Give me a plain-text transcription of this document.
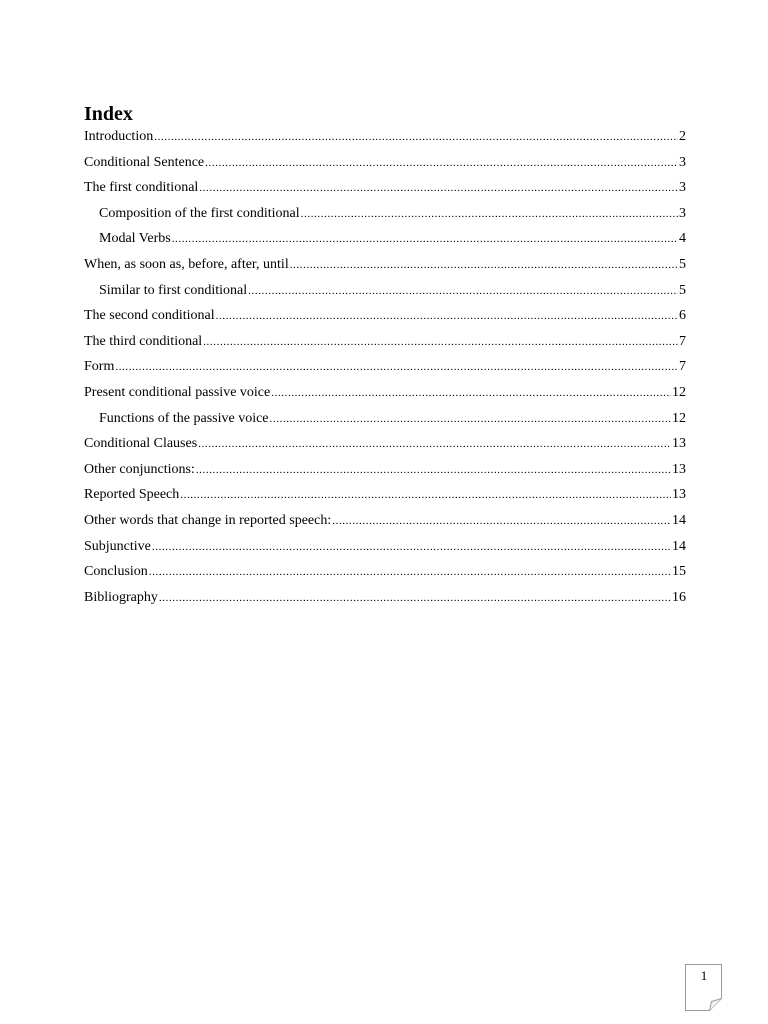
Index
Introduction .....	2
Conditional Sentence .....	3
The first conditional .....	3
Composition of the first conditional .....	3
Modal Verbs .....	4
When, as soon as, before, after, until .....	5
Similar to first conditional .....	5
The second conditional .....	6
The third conditional .....	7
Form .....	7
Present conditional passive voice .....	12
Functions of the passive voice .....	12
Conditional Clauses .....	13
Other conjunctions: .....	13
Reported Speech .....	13
Other words that change in reported speech: .....	14
Subjunctive .....	14
Conclusion .....	15
Bibliography .....	16
1
